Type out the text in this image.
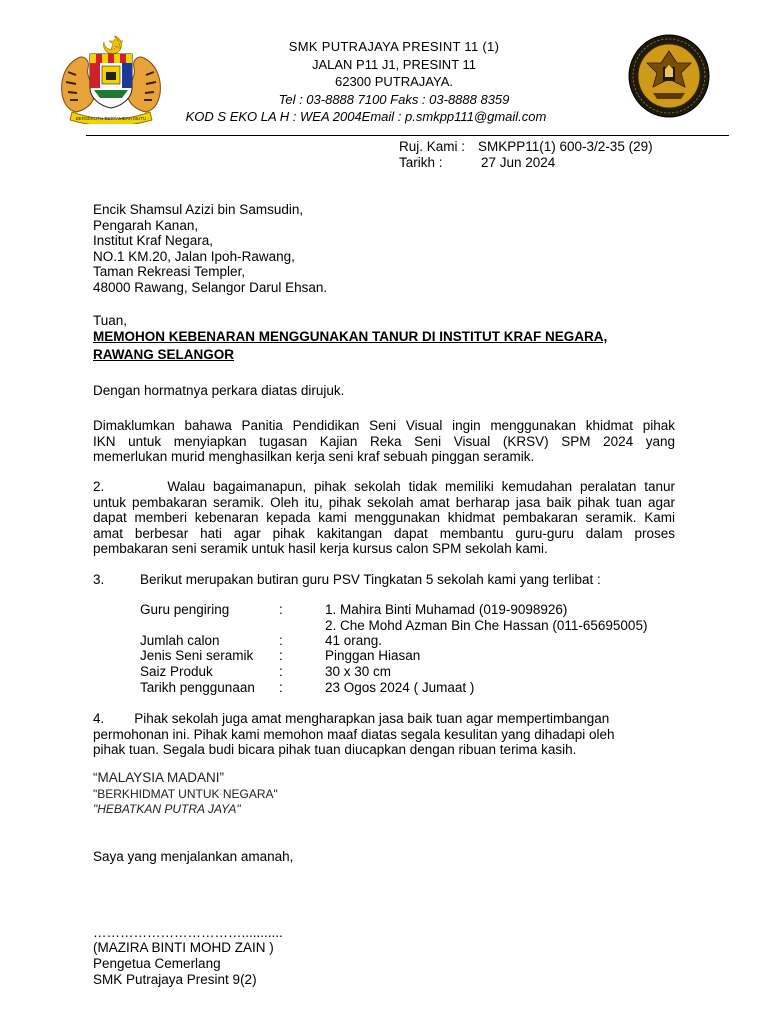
BERSEKUTU BERTAMBAH MUTU
SMK PUTRAJAYA PRESINT 11 (1)
JALAN P11 J1, PRESINT 11
62300 PUTRAJAYA.
Tel : 03-8888 7100 Faks : 03-8888 8359
KOD S EKO LA H : WEA 2004Email : p.smkpp111@gmail.com
Ruj. Kami : SMKPP11(1) 600-3/2-35 (29)
Tarikh :	27 Jun 2024
Encik Shamsul Azizi bin Samsudin,
Pengarah Kanan,
Institut Kraf Negara,
NO.1 KM.20, Jalan Ipoh-Rawang,
Taman Rekreasi Templer,
48000 Rawang, Selangor Darul Ehsan.
Tuan,
MEMOHON KEBENARAN MENGGUNAKAN TANUR DI INSTITUT KRAF NEGARA,
RAWANG SELANGOR
Dengan hormatnya perkara diatas dirujuk.
Dimaklumkan bahawa Panitia Pendidikan Seni Visual ingin menggunakan khidmat pihak
IKN untuk menyiapkan tugasan Kajian Reka Seni Visual (KRSV) SPM 2024 yang
memerlukan murid menghasilkan kerja seni kraf sebuah pinggan seramik.
2.        Walau bagaimanapun, pihak sekolah tidak memiliki kemudahan peralatan tanur
untuk pembakaran seramik. Oleh itu, pihak sekolah amat berharap jasa baik pihak tuan agar
dapat memberi kebenaran kepada kami menggunakan khidmat pembakaran seramik. Kami
amat berbesar hati agar pihak kakitangan dapat membantu guru-guru dalam proses
pembakaran seni seramik untuk hasil kerja kursus calon SPM sekolah kami.
3.	Berikut merupakan butiran guru PSV Tingkatan 5 sekolah kami yang terlibat :
Guru pengiring	:	1. Mahira Binti Muhamad (019-9098926)
2. Che Mohd Azman Bin Che Hassan (011-65695005)
Jumlah calon	:	41 orang.
Jenis Seni seramik :	Pinggan Hiasan
Saiz Produk	:	30 x 30 cm
Tarikh penggunaan :	23 Ogos 2024 ( Jumaat )
4.        Pihak sekolah juga amat mengharapkan jasa baik tuan agar mempertimbangan
permohonan ini. Pihak kami memohon maaf diatas segala kesulitan yang dihadapi oleh
pihak tuan. Segala budi bicara pihak tuan diucapkan dengan ribuan terima kasih.
“MALAYSIA MADANI”
"BERKHIDMAT UNTUK NEGARA"
"HEBATKAN PUTRA JAYA"
Saya yang menjalankan amanah,
……………………………...........
(MAZIRA BINTI MOHD ZAIN )
Pengetua Cemerlang
SMK Putrajaya Presint 9(2)
